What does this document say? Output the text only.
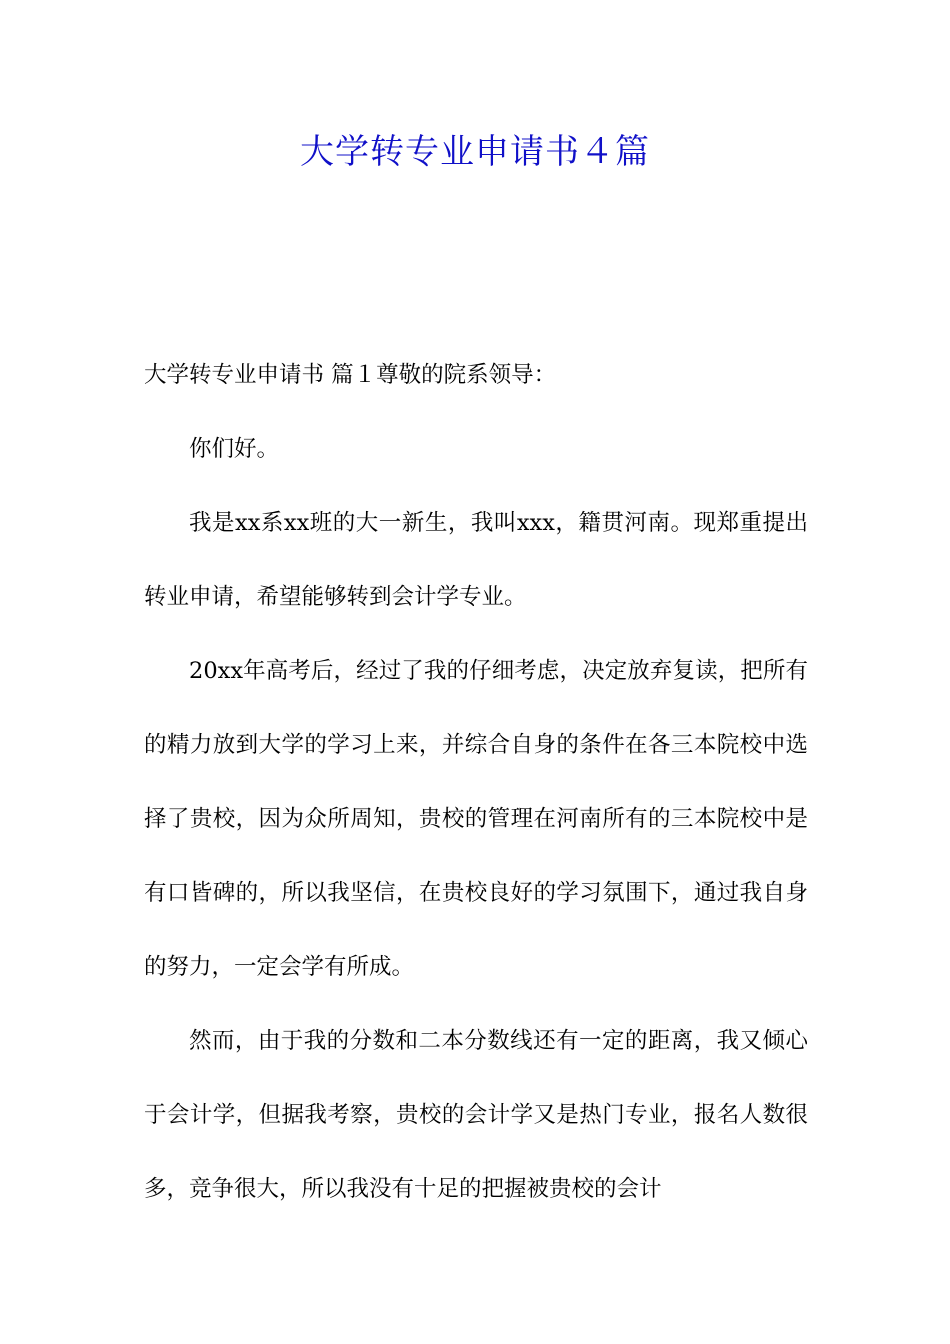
大学转专业申请书４篇

大学转专业申请书 篇１尊敬的院系领导：

你们好。

我是xx系xx班的大一新生，我叫xxx，籍贯河南。现郑重提出转业申请，希望能够转到会计学专业。

20xx年高考后，经过了我的仔细考虑，决定放弃复读，把所有的精力放到大学的学习上来，并综合自身的条件在各三本院校中选择了贵校，因为众所周知，贵校的管理在河南所有的三本院校中是有口皆碑的，所以我坚信，在贵校良好的学习氛围下，通过我自身的努力，一定会学有所成。

然而，由于我的分数和二本分数线还有一定的距离，我又倾心于会计学，但据我考察，贵校的会计学又是热门专业，报名人数很多，竞争很大，所以我没有十足的把握被贵校的会计
